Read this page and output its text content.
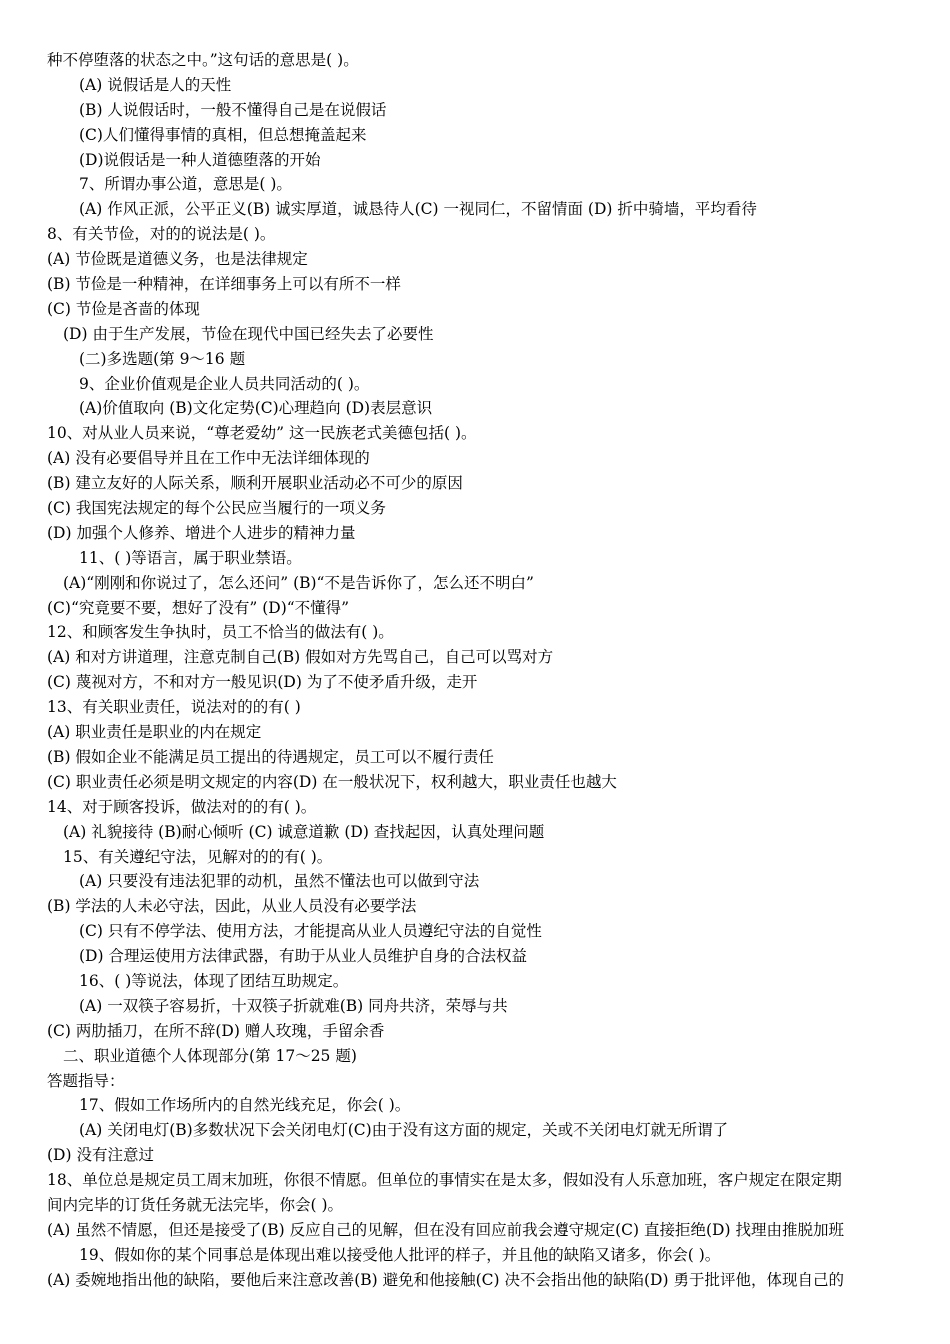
种不停堕落的状态之中。”这句话的意思是( )。
(A) 说假话是人的天性
(B) 人说假话时，一般不懂得自己是在说假话
(C)人们懂得事情的真相，但总想掩盖起来
(D)说假话是一种人道德堕落的开始
7、所谓办事公道，意思是( )。
(A) 作风正派，公平正义(B) 诚实厚道，诚恳待人(C) 一视同仁，不留情面 (D) 折中骑墙，平均看待
8、有关节俭，对的的说法是( )。
(A) 节俭既是道德义务，也是法律规定
(B) 节俭是一种精神，在详细事务上可以有所不一样
(C) 节俭是吝啬的体现
(D) 由于生产发展，节俭在现代中国已经失去了必要性
(二)多选题(第 9～16 题
9、企业价值观是企业人员共同活动的( )。
(A)价值取向 (B)文化定势(C)心理趋向 (D)表层意识
10、对从业人员来说，“尊老爱幼” 这一民族老式美德包括( )。
(A) 没有必要倡导并且在工作中无法详细体现的
(B) 建立友好的人际关系，顺利开展职业活动必不可少的原因
(C) 我国宪法规定的每个公民应当履行的一项义务
(D) 加强个人修养、增进个人进步的精神力量
11、( )等语言，属于职业禁语。
(A)“刚刚和你说过了，怎么还问” (B)“不是告诉你了，怎么还不明白”
(C)“究竟要不要，想好了没有” (D)“不懂得”
12、和顾客发生争执时，员工不恰当的做法有( )。
(A) 和对方讲道理，注意克制自己(B) 假如对方先骂自己，自己可以骂对方
(C) 蔑视对方，不和对方一般见识(D) 为了不使矛盾升级，走开
13、有关职业责任，说法对的的有( )
(A) 职业责任是职业的内在规定
(B) 假如企业不能满足员工提出的待遇规定，员工可以不履行责任
(C) 职业责任必须是明文规定的内容(D) 在一般状况下，权利越大，职业责任也越大
14、对于顾客投诉，做法对的的有( )。
(A) 礼貌接待 (B)耐心倾听 (C) 诚意道歉 (D) 查找起因，认真处理问题
15、有关遵纪守法，见解对的的有( )。
(A) 只要没有违法犯罪的动机，虽然不懂法也可以做到守法
(B) 学法的人未必守法，因此，从业人员没有必要学法
(C) 只有不停学法、使用方法，才能提高从业人员遵纪守法的自觉性
(D) 合理运使用方法律武器，有助于从业人员维护自身的合法权益
16、( )等说法，体现了团结互助规定。
(A) 一双筷子容易折，十双筷子折就难(B) 同舟共济，荣辱与共
(C) 两肋插刀，在所不辞(D) 赠人玫瑰，手留余香
二、职业道德个人体现部分(第 17～25 题)
答题指导：
17、假如工作场所内的自然光线充足，你会( )。
(A) 关闭电灯(B)多数状况下会关闭电灯(C)由于没有这方面的规定，关或不关闭电灯就无所谓了
(D) 没有注意过
18、单位总是规定员工周末加班，你很不情愿。但单位的事情实在是太多，假如没有人乐意加班，客户规定在限定期
间内完毕的订货任务就无法完毕，你会( )。
(A) 虽然不情愿，但还是接受了(B) 反应自己的见解，但在没有回应前我会遵守规定(C) 直接拒绝(D) 找理由推脱加班
19、假如你的某个同事总是体现出难以接受他人批评的样子，并且他的缺陷又诸多，你会( )。
(A) 委婉地指出他的缺陷，要他后来注意改善(B) 避免和他接触(C) 决不会指出他的缺陷(D) 勇于批评他，体现自己的
